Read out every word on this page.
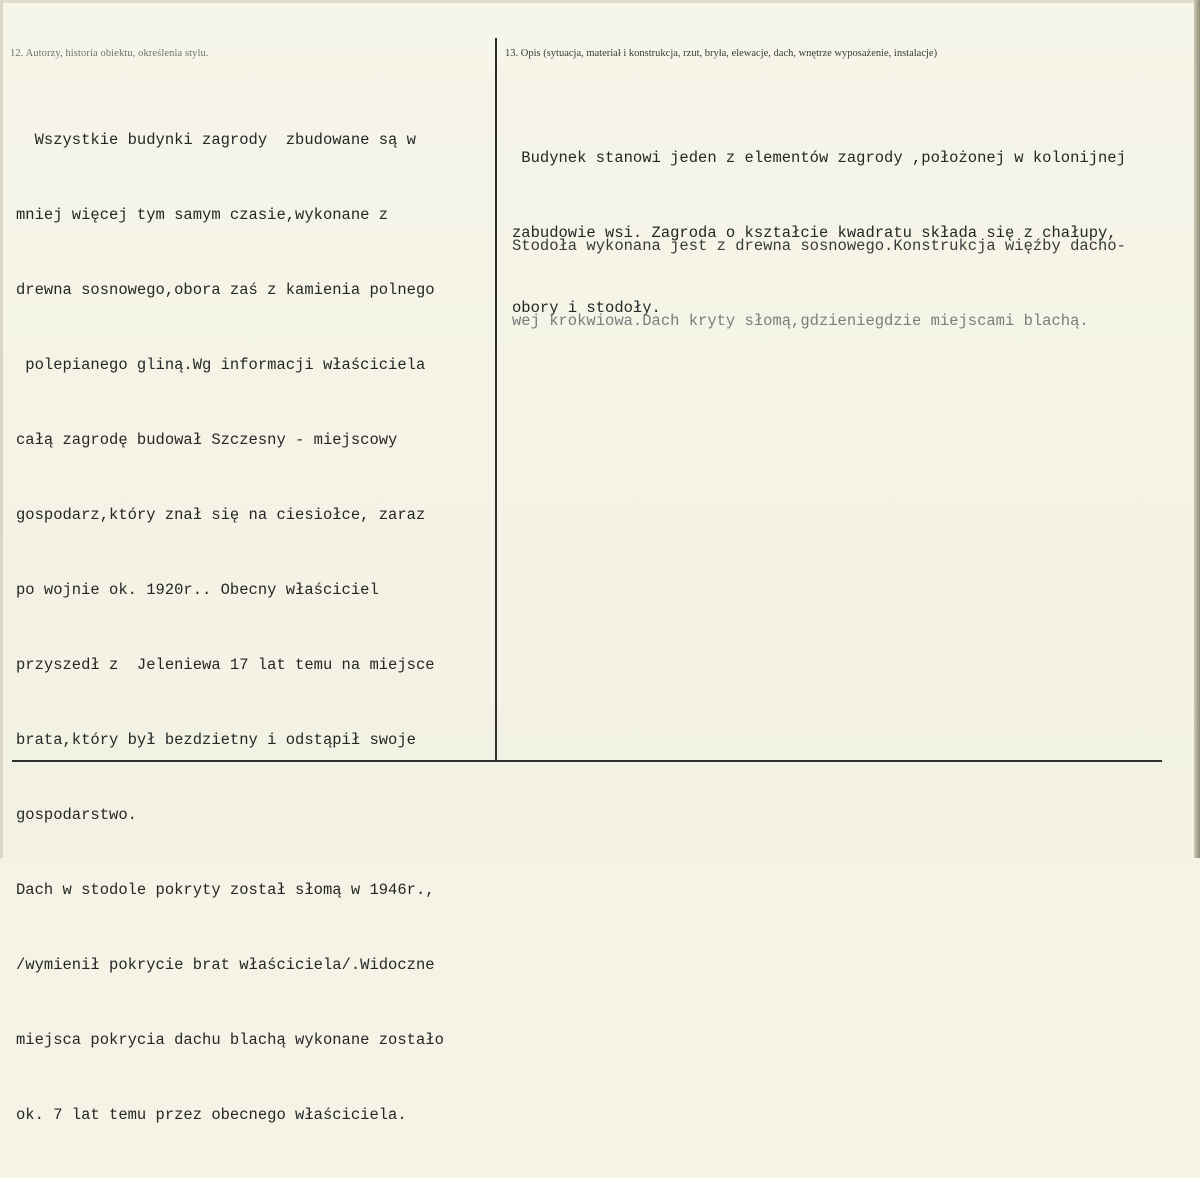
12. Autorzy, historia obiektu, określenia stylu.	13. Opis (sytuacja, materiał i konstrukcja, rzut, bryła, elewacje, dach, wnętrze wyposażenie, instalacje)

Wszystkie budynki zagrody  zbudowane są w

mniej więcej tym samym czasie,wykonane z

drewna sosnowego,obora zaś z kamienia polnego

polepianego gliną.Wg informacji właściciela

całą zagrodę budował Szczesny - miejscowy

gospodarz,który znał się na ciesiołce, zaraz

po wojnie ok. 1920r.. Obecny właściciel

przyszedł z  Jeleniewa 17 lat temu na miejsce

brata,który był bezdzietny i odstąpił swoje

gospodarstwo.

Dach w stodole pokryty został słomą w 1946r.,

/wymienił pokrycie brat właściciela/.Widoczne

miejsca pokrycia dachu blachą wykonane zostało

ok. 7 lat temu przez obecnego właściciela.

Budynek stanowi jeden z elementów zagrody ,położonej w kolonijnej

zabudowie wsi. Zagroda o kształcie kwadratu składa się z chałupy,

obory i stodoły.

Stodoła wykonana jest z drewna sosnowego.Konstrukcja więźby dacho-

wej krokwiowa.Dach kryty słomą,gdzieniegdzie miejscami blachą.
